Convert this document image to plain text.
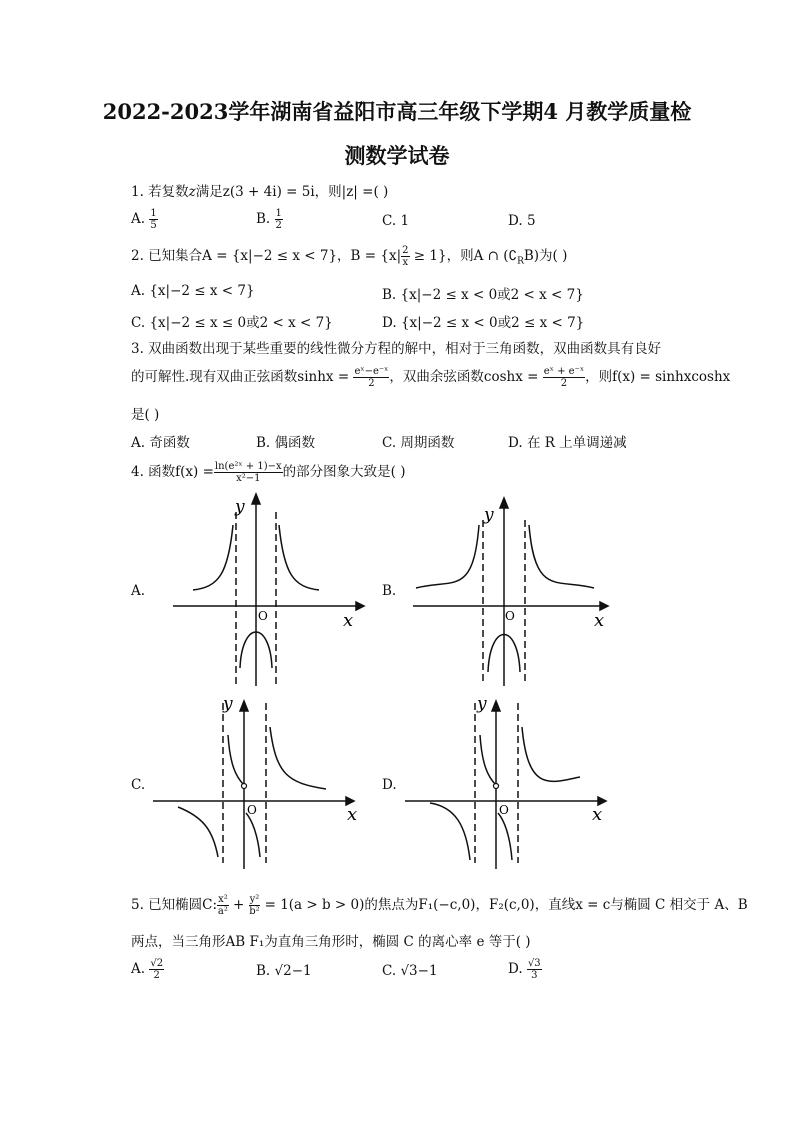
2022-2023学年湖南省益阳市高三年级下学期4 月教学质量检
测数学试卷
1. 若复数z满足z(3 + 4i) = 5i，则|z| =( )
A. $\frac{1}{5}$	B. $\frac{1}{2}$	C. 1	D. 5
2. 已知集合A = {x|−2 ≤ x < 7}，$B = \{x| \frac{2}{x} \ge 1\}$，则A ∩ $(∁_RB)$为( )
A. {x|−2 ≤ x < 7}	B. {x|−2 ≤ x < 0或2 < x < 7}
C. {x|−2 ≤ x ≤ 0或2 < x < 7}	D. {x|−2 ≤ x < 0或2 ≤ x < 7}
3. 双曲函数出现于某些重要的线性微分方程的解中，相对于三角函数，双曲函数具有良好
的可解性.现有双曲正弦函数$\sinh x = \frac{\text{eˣ−e⁻ˣ}}{2}$ ，双曲余弦函数$\cosh x = \frac{\text{eˣ + e⁻ˣ}}{2}$ ，则f(x) = sinhxcoshx
是( )
A. 奇函数	B. 偶函数	C. 周期函数	D. 在 R 上单调递减
4. 函数$f(x) = \frac{\text{ln(e²ˣ + 1)−x}}{\text{x²−1}}$ 的部分图象大致是( )
A.	B.
C.	D.
y
x
O
y
x
O
y
x
O
y
x
O
5. 已知椭圆C: $\frac{\text{x²}}{\text{a²}} + \frac{\text{y²}}{\text{b²}} = 1(a > b > 0)$的焦点为F₁(−c,0)，F₂(c,0)，直线x = c与椭圆 C 相交于 A、B
两点，当三角形AB F₁为直角三角形时，椭圆 C 的离心率 e 等于( )
A. $\frac{√2}{2}$	B. √2−1	C. √3−1	D. $\frac{√3}{3}$
